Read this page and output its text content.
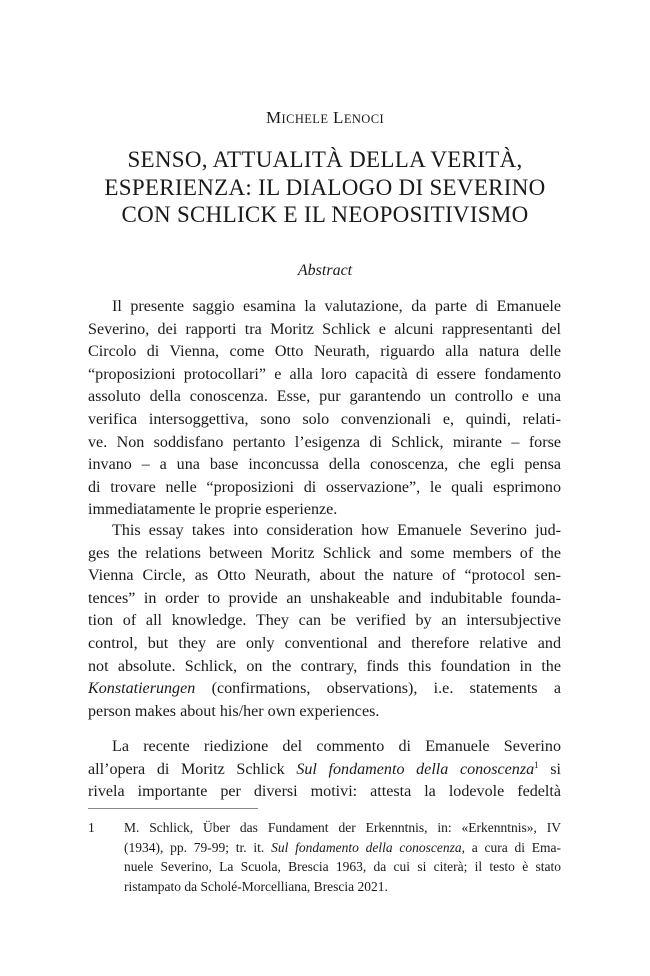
MICHELE LENOCI
SENSO, ATTUALITÀ DELLA VERITÀ,
ESPERIENZA: IL DIALOGO DI SEVERINO
CON SCHLICK E IL NEOPOSITIVISMO
Abstract

Il presente saggio esamina la valutazione, da parte di Emanuele
Severino, dei rapporti tra Moritz Schlick e alcuni rappresentanti del
Circolo di Vienna, come Otto Neurath, riguardo alla natura delle
“proposizioni protocollari” e alla loro capacità di essere fondamento
assoluto della conoscenza. Esse, pur garantendo un controllo e una
verifica intersoggettiva, sono solo convenzionali e, quindi, relati-
ve. Non soddisfano pertanto l’esigenza di Schlick, mirante – forse
invano – a una base inconcussa della conoscenza, che egli pensa
di trovare nelle “proposizioni di osservazione”, le quali esprimono
immediatamente le proprie esperienze.

This essay takes into consideration how Emanuele Severino jud-
ges the relations between Moritz Schlick and some members of the
Vienna Circle, as Otto Neurath, about the nature of “protocol sen-
tences” in order to provide an unshakeable and indubitable founda-
tion of all knowledge. They can be verified by an intersubjective
control, but they are only conventional and therefore relative and
not absolute. Schlick, on the contrary, finds this foundation in the
Konstatierungen (confirmations, observations), i.e. statements a
person makes about his/her own experiences.

La recente riedizione del commento di Emanuele Severino
all’opera di Moritz Schlick Sul fondamento della conoscenza$^1$ si
rivela importante per diversi motivi: attesta la lodevole fedeltà

1 M. Schlick, Über das Fundament der Erkenntnis, in: «Erkenntnis», IV
(1934), pp. 79-99; tr. it. Sul fondamento della conoscenza, a cura di Ema-
nuele Severino, La Scuola, Brescia 1963, da cui si citerà; il testo è stato
ristampato da Scholé-Morcelliana, Brescia 2021.
